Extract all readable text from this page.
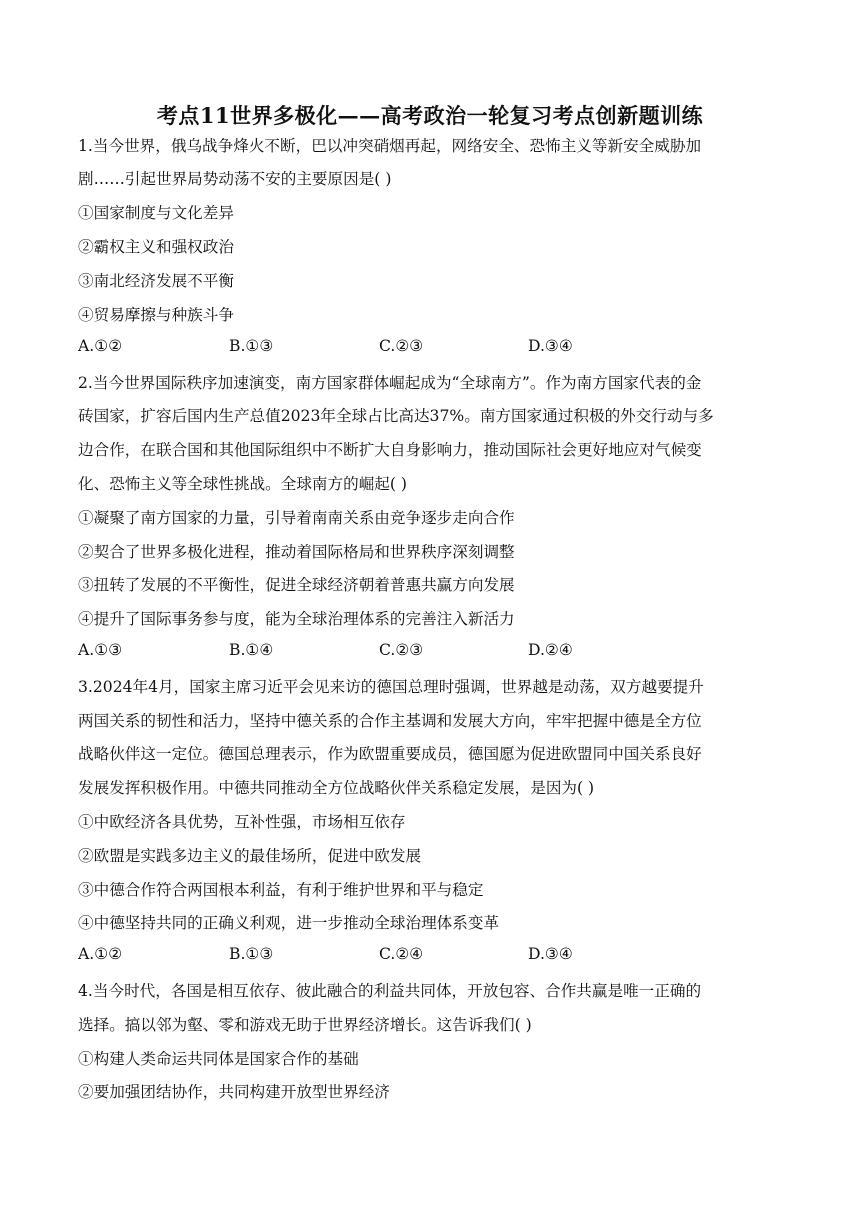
考点11世界多极化——高考政治一轮复习考点创新题训练
1.当今世界，俄乌战争烽火不断，巴以冲突硝烟再起，网络安全、恐怖主义等新安全威胁加
剧……引起世界局势动荡不安的主要原因是( )
①国家制度与文化差异
②霸权主义和强权政治
③南北经济发展不平衡
④贸易摩擦与种族斗争
A.①②	B.①③	C.②③	D.③④
2.当今世界国际秩序加速演变，南方国家群体崛起成为“全球南方”。作为南方国家代表的金
砖国家，扩容后国内生产总值2023年全球占比高达37%。南方国家通过积极的外交行动与多
边合作，在联合国和其他国际组织中不断扩大自身影响力，推动国际社会更好地应对气候变
化、恐怖主义等全球性挑战。全球南方的崛起( )
①凝聚了南方国家的力量，引导着南南关系由竞争逐步走向合作
②契合了世界多极化进程，推动着国际格局和世界秩序深刻调整
③扭转了发展的不平衡性，促进全球经济朝着普惠共赢方向发展
④提升了国际事务参与度，能为全球治理体系的完善注入新活力
A.①③	B.①④	C.②③	D.②④
3.2024年4月，国家主席习近平会见来访的德国总理时强调，世界越是动荡，双方越要提升
两国关系的韧性和活力，坚持中德关系的合作主基调和发展大方向，牢牢把握中德是全方位
战略伙伴这一定位。德国总理表示，作为欧盟重要成员，德国愿为促进欧盟同中国关系良好
发展发挥积极作用。中德共同推动全方位战略伙伴关系稳定发展，是因为( )
①中欧经济各具优势，互补性强，市场相互依存
②欧盟是实践多边主义的最佳场所，促进中欧发展
③中德合作符合两国根本利益，有利于维护世界和平与稳定
④中德坚持共同的正确义利观，进一步推动全球治理体系变革
A.①②	B.①③	C.②④	D.③④
4.当今时代，各国是相互依存、彼此融合的利益共同体，开放包容、合作共赢是唯一正确的
选择。搞以邻为壑、零和游戏无助于世界经济增长。这告诉我们( )
①构建人类命运共同体是国家合作的基础
②要加强团结协作，共同构建开放型世界经济
